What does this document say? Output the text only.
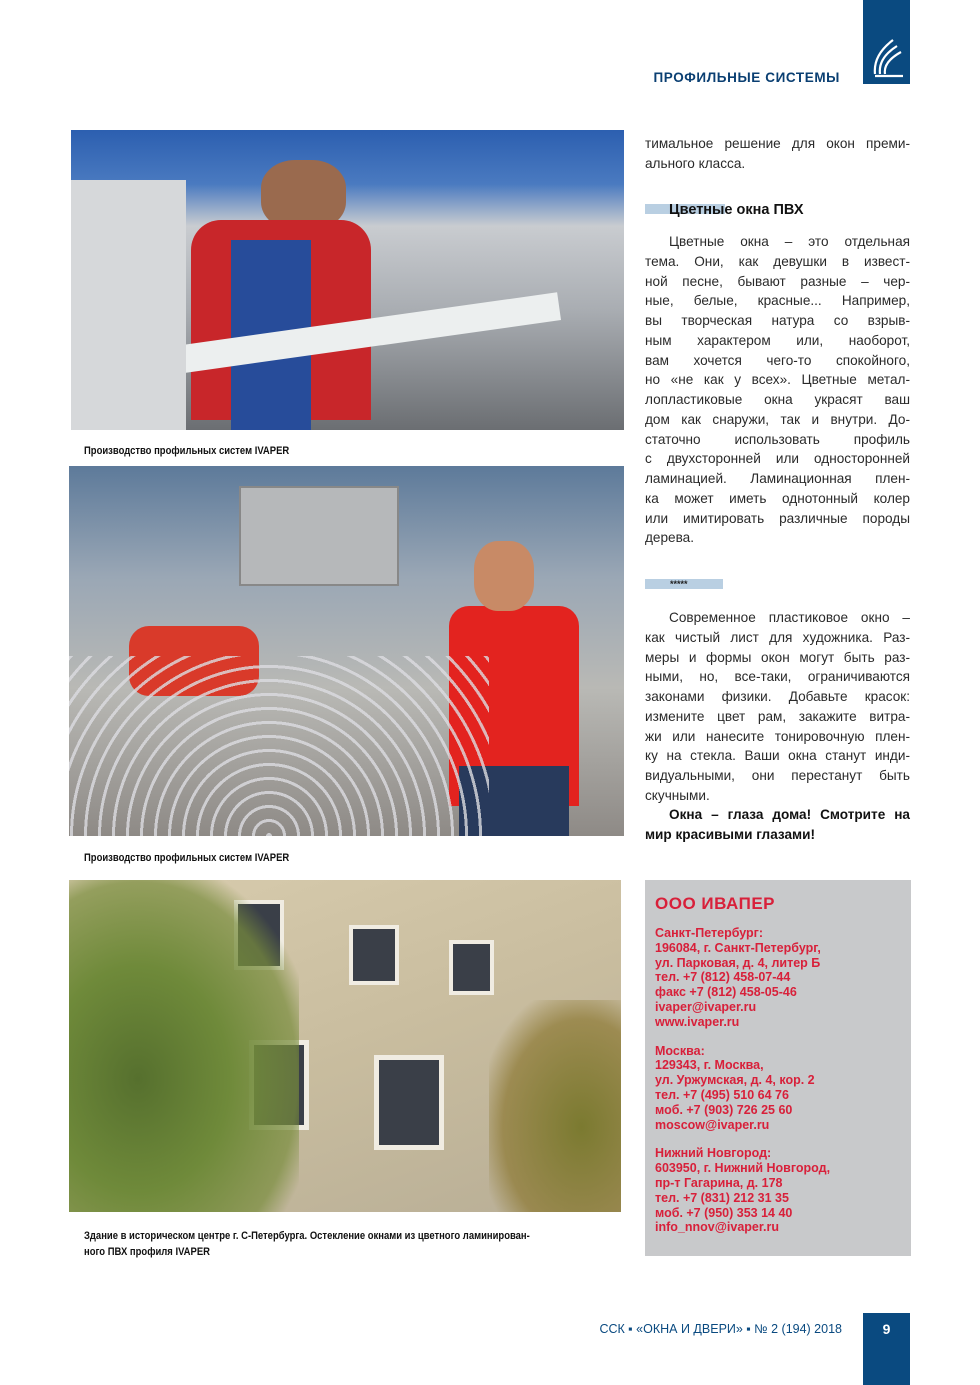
ПРОФИЛЬНЫЕ СИСТЕМЫ
Производство профильных систем IVAPER
Производство профильных систем IVAPER
Здание в историческом центре г. С-Петербурга. Остекление окнами из цветного ламинирован-
ного ПВХ профиля IVAPER
тимальное решение для окон преми-
ального класса.
Цветные окна ПВХ
Цветные окна – это отдельная
тема. Они, как девушки в извест-
ной песне, бывают разные – чер-
ные, белые, красные... Например,
вы творческая натура со взрыв-
ным характером или, наоборот,
вам хочется чего-то спокойного,
но «не как у всех». Цветные метал-
лопластиковые окна украсят ваш
дом как снаружи, так и внутри. До-
статочно использовать профиль
с двухсторонней или односторонней
ламинацией. Ламинационная плен-
ка может иметь однотонный колер
или имитировать различные породы
дерева.
*****
Современное пластиковое окно –
как чистый лист для художника. Раз-
меры и формы окон могут быть раз-
ными, но, все-таки, ограничиваются
законами физики. Добавьте красок:
измените цвет рам, закажите витра-
жи или нанесите тонировочную плен-
ку на стекла. Ваши окна станут инди-
видуальными, они перестанут быть
скучными.
Окна – глаза дома! Смотрите на
мир красивыми глазами!
ООО ИВАПЕР
Санкт-Петербург:
196084, г. Санкт-Петербург,
ул. Парковая, д. 4, литер Б
тел. +7 (812) 458-07-44
факс +7 (812) 458-05-46
ivaper@ivaper.ru
www.ivaper.ru
Москва:
129343, г. Москва,
ул. Уржумская, д. 4, кор. 2
тел. +7 (495) 510 64 76
моб. +7 (903) 726 25 60
moscow@ivaper.ru
Нижний Новгород:
603950, г. Нижний Новгород,
пр-т Гагарина, д. 178
тел. +7 (831) 212 31 35
моб. +7 (950) 353 14 40
info_nnov@ivaper.ru
ССК ▪ «ОКНА И ДВЕРИ» ▪ № 2 (194) 2018	9
